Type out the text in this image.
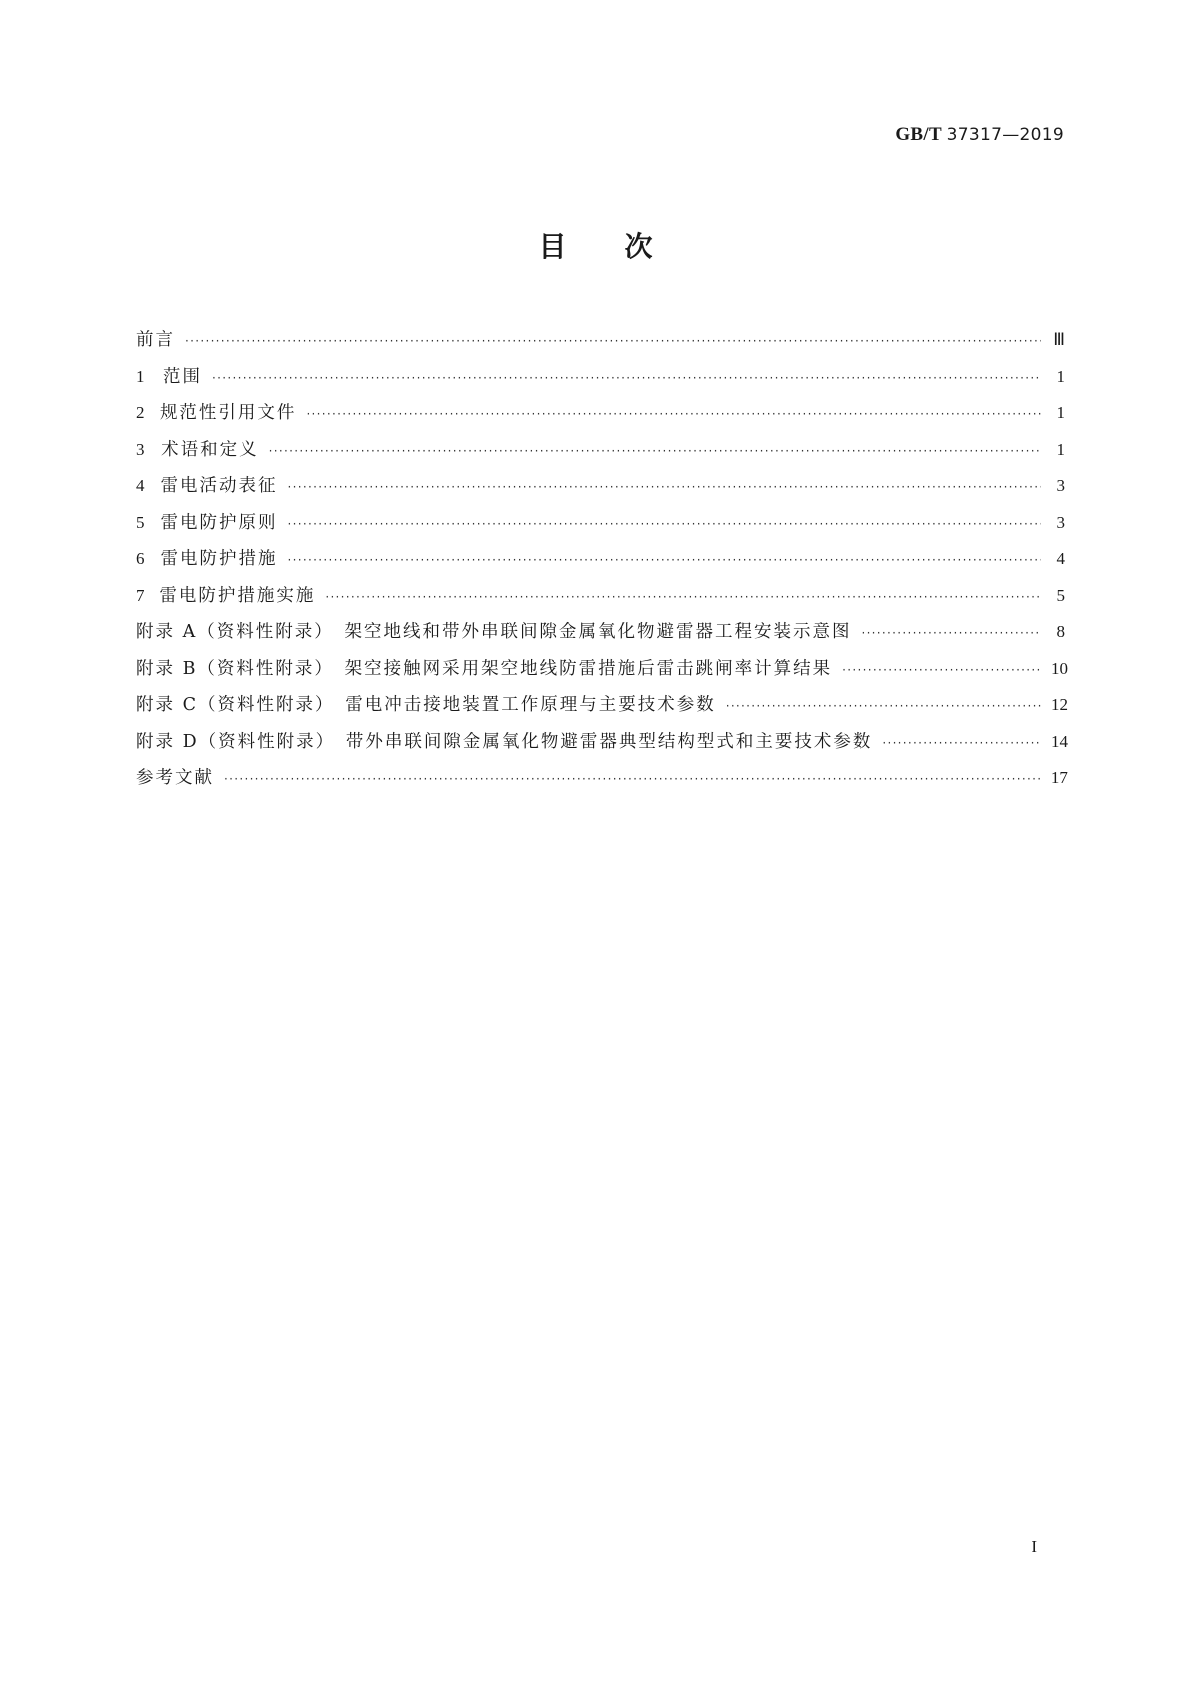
GB/T 37317—2019
目次
前言 ·····	Ⅲ
1	范围 ·····	1
2 规范性引用文件 ·····	1
3 术语和定义 ·····	1
4 雷电活动表征 ·····	3
5 雷电防护原则 ·····	3
6 雷电防护措施 ·····	4
7 雷电防护措施实施 ·····	5
附录 A（资料性附录）　架空地线和带外串联间隙金属氧化物避雷器工程安装示意图 ·····	8
附录 B（资料性附录）　架空接触网采用架空地线防雷措施后雷击跳闸率计算结果 ·····	10
附录 C（资料性附录）　雷电冲击接地装置工作原理与主要技术参数 ·····	12
附录 D（资料性附录）　带外串联间隙金属氧化物避雷器典型结构型式和主要技术参数 ·····	14
参考文献 ·····	17
I
